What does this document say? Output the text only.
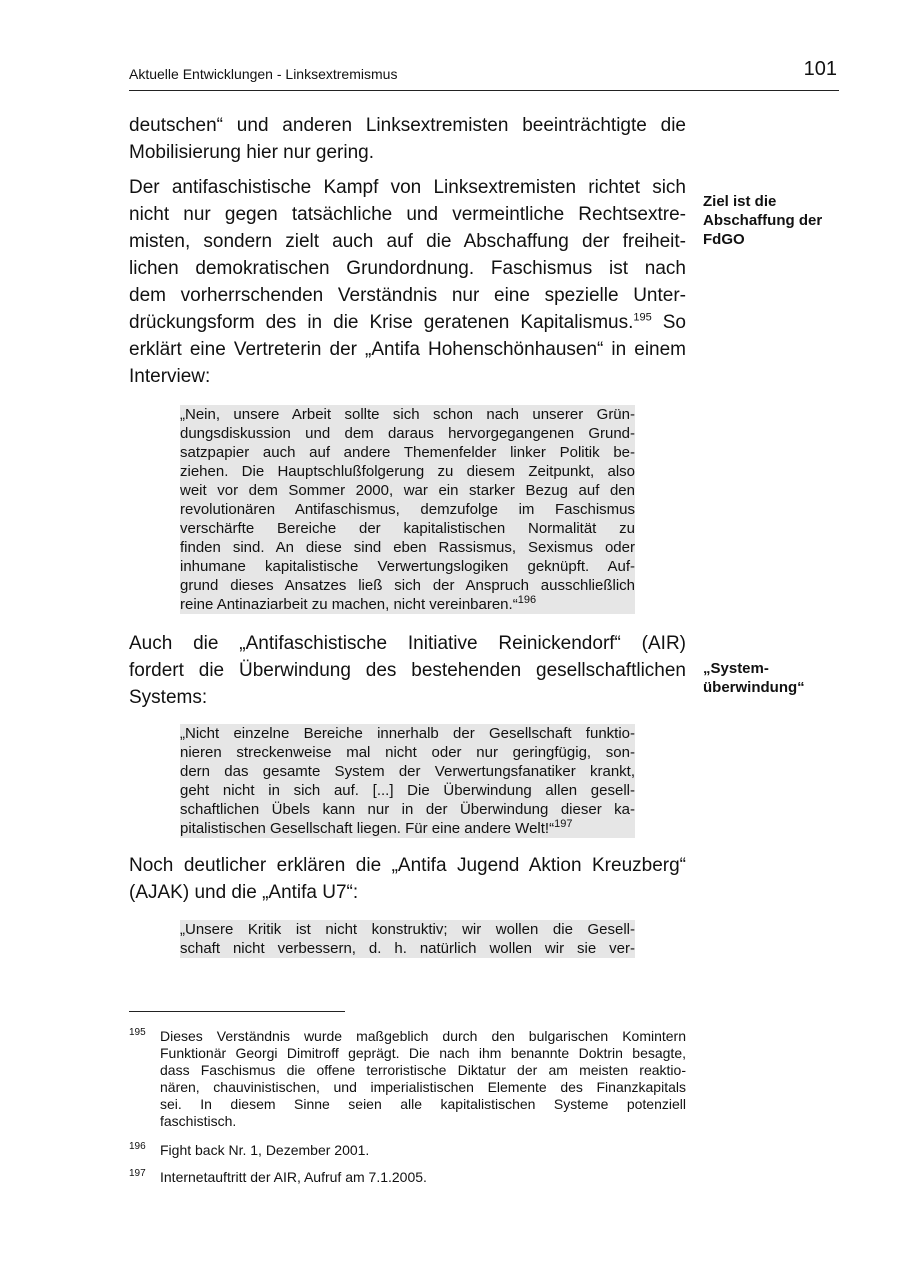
Aktuelle Entwicklungen - Linksextremismus	101
deutschen“ und anderen Linksextremisten beeinträchtigte die
Mobilisierung hier nur gering.
Der antifaschistische Kampf von Linksextremisten richtet sich
nicht nur gegen tatsächliche und vermeintliche Rechtsextre-
misten, sondern zielt auch auf die Abschaffung der freiheit-
lichen demokratischen Grundordnung. Faschismus ist nach
dem vorherrschenden Verständnis nur eine spezielle Unter-
drückungsform des in die Krise geratenen Kapitalismus.$^{195}$ So
erklärt eine Vertreterin der „Antifa Hohenschönhausen“ in einem
Interview:
Ziel ist die
Abschaffung der
FdGO
„Nein, unsere Arbeit sollte sich schon nach unserer Grün-
dungsdiskussion und dem daraus hervorgegangenen Grund-
satzpapier auch auf andere Themenfelder linker Politik be-
ziehen. Die Hauptschlußfolgerung zu diesem Zeitpunkt, also
weit vor dem Sommer 2000, war ein starker Bezug auf den
revolutionären Antifaschismus, demzufolge im Faschismus
verschärfte Bereiche der kapitalistischen Normalität zu
finden sind. An diese sind eben Rassismus, Sexismus oder
inhumane kapitalistische Verwertungslogiken geknüpft. Auf-
grund dieses Ansatzes ließ sich der Anspruch ausschließlich
reine Antinaziarbeit zu machen, nicht vereinbaren.“$^{196}$
Auch die „Antifaschistische Initiative Reinickendorf“ (AIR)
fordert die Überwindung des bestehenden gesellschaftlichen
Systems:
„System-
überwindung“
„Nicht einzelne Bereiche innerhalb der Gesellschaft funktio-
nieren streckenweise mal nicht oder nur geringfügig, son-
dern das gesamte System der Verwertungsfanatiker krankt,
geht nicht in sich auf. [...] Die Überwindung allen gesell-
schaftlichen Übels kann nur in der Überwindung dieser ka-
pitalistischen Gesellschaft liegen. Für eine andere Welt!“$^{197}$
Noch deutlicher erklären die „Antifa Jugend Aktion Kreuzberg“
(AJAK) und die „Antifa U7“:
„Unsere Kritik ist nicht konstruktiv; wir wollen die Gesell-
schaft nicht verbessern, d. h. natürlich wollen wir sie ver-
195 Dieses Verständnis wurde maßgeblich durch den bulgarischen Komintern
Funktionär Georgi Dimitroff geprägt. Die nach ihm benannte Doktrin besagte,
dass Faschismus die offene terroristische Diktatur der am meisten reaktio-
nären, chauvinistischen, und imperialistischen Elemente des Finanzkapitals
sei. In diesem Sinne seien alle kapitalistischen Systeme potenziell
faschistisch.
196 Fight back Nr. 1, Dezember 2001.
197 Internetauftritt der AIR, Aufruf am 7.1.2005.
